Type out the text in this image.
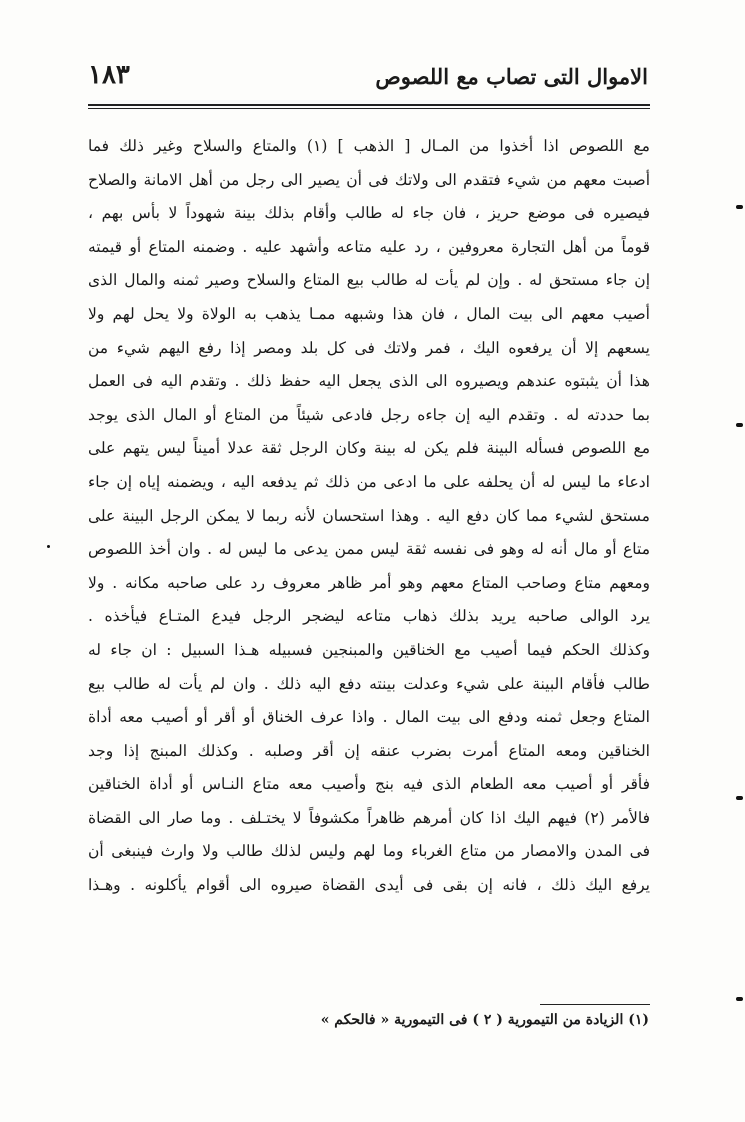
الاموال التى تصاب مع اللصوص
١٨٣
مع اللصوص اذا أخذوا من المـال [ الذهب ] (١) والمتاع والسلاح وغير ذلك فما
أصبت معهم من شيء فتقدم الى ولاتك فى أن يصير الى رجل من أهل الامانة والصلاح
فيصيره فى موضع حريز ، فان جاء له طالب وأقام بذلك بينة شهوداً لا بأس بهم ،
قوماً من أهل التجارة معروفين ، رد عليه متاعه وأشهد عليه . وضمنه المتاع أو قيمته
إن جاء مستحق له . وإن لم يأت له طالب بيع المتاع والسلاح وصير ثمنه والمال الذى
أصيب معهم الى بيت المال ، فان هذا وشبهه ممـا يذهب به الولاة ولا يحل لهم ولا
يسعهم إلا أن يرفعوه اليك ، فمر ولاتك فى كل بلد ومصر إذا رفع اليهم شيء من
هذا أن يثبتوه عندهم ويصيروه الى الذى يجعل اليه حفظ ذلك . وتقدم اليه فى العمل
بما حددته له . وتقدم اليه إن جاءه رجل فادعى شيئاً من المتاع أو المال الذى يوجد
مع اللصوص فسأله البينة فلم يكن له بينة وكان الرجل ثقة عدلا أميناً ليس يتهم على
ادعاء ما ليس له أن يحلفه على ما ادعى من ذلك ثم يدفعه اليه ، ويضمنه إياه إن جاء
مستحق لشيء مما كان دفع اليه . وهذا استحسان لأنه ربما لا يمكن الرجل البينة على
متاع أو مال أنه له وهو فى نفسه ثقة ليس ممن يدعى ما ليس له . وان أخذ اللصوص
ومعهم متاع وصاحب المتاع معهم وهو أمر ظاهر معروف رد على صاحبه مكانه . ولا
يرد الوالى صاحبه يريد بذلك ذهاب متاعه ليضجر الرجل فيدع المتـاع فيأخذه .
وكذلك الحكم فيما أصيب مع الخناقين والمبنجين فسبيله هـذا السبيل : ان جاء له
طالب فأقام البينة على شيء وعدلت بينته دفع اليه ذلك . وان لم يأت له طالب بيع
المتاع وجعل ثمنه ودفع الى بيت المال . واذا عرف الخناق أو أقر أو أصيب معه أداة
الخناقين ومعه المتاع أمرت بضرب عنقه إن أقر وصلبه . وكذلك المبنج إذا وجد
فأقر أو أصيب معه الطعام الذى فيه بنج وأصيب معه متاع النـاس أو أداة الخناقين
فالأمر (٢) فيهم اليك اذا كان أمرهم ظاهراً مكشوفاً لا يختـلف . وما صار الى القضاة
فى المدن والامصار من متاع الغرباء وما لهم وليس لذلك طالب ولا وارث فينبغى أن
يرفع اليك ذلك ، فانه إن بقى فى أيدى القضاة صيروه الى أقوام يأكلونه . وهـذا
(١) الزيادة من التيمورية ( ٢ ) فى التيمورية « فالحكم »
